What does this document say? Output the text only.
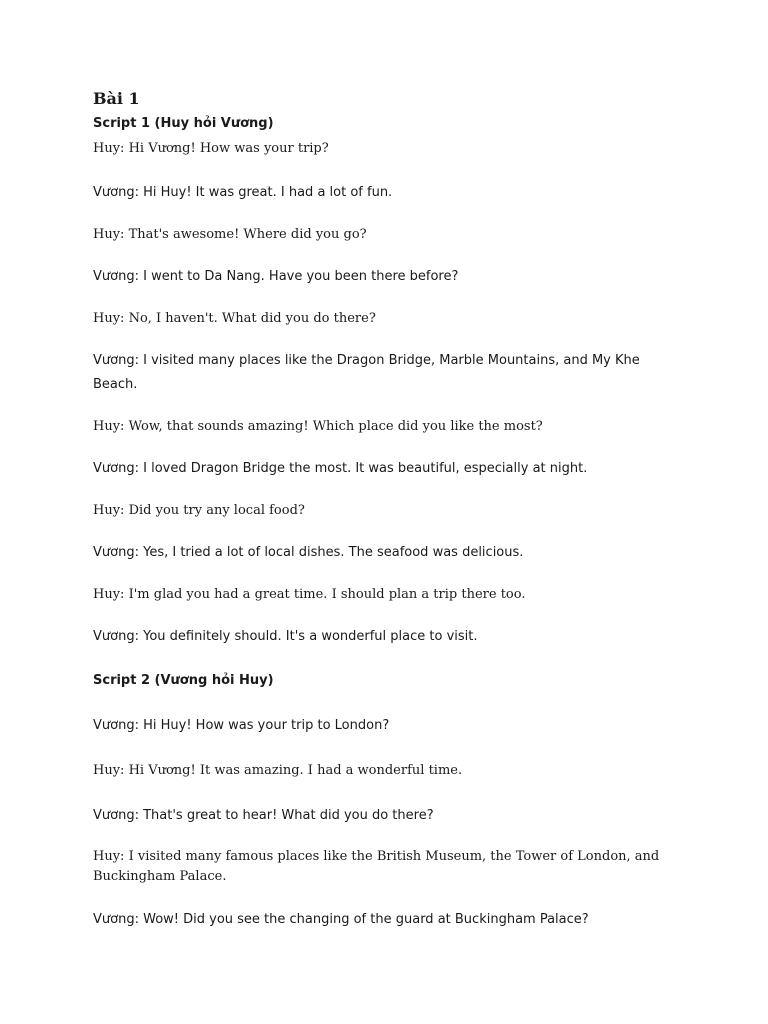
Bài 1
Script 1 (Huy hỏi Vương)

Huy: Hi Vương! How was your trip?

Vương: Hi Huy! It was great. I had a lot of fun.

Huy: That's awesome! Where did you go?

Vương: I went to Da Nang. Have you been there before?

Huy: No, I haven't. What did you do there?

Vương: I visited many places like the Dragon Bridge, Marble Mountains, and My Khe Beach.

Huy: Wow, that sounds amazing! Which place did you like the most?

Vương: I loved Dragon Bridge the most. It was beautiful, especially at night.

Huy: Did you try any local food?

Vương: Yes, I tried a lot of local dishes. The seafood was delicious.

Huy: I'm glad you had a great time. I should plan a trip there too.

Vương: You definitely should. It's a wonderful place to visit.

Script 2 (Vương hỏi Huy)

Vương: Hi Huy! How was your trip to London?

Huy: Hi Vương! It was amazing. I had a wonderful time.

Vương: That's great to hear! What did you do there?

Huy: I visited many famous places like the British Museum, the Tower of London, and Buckingham Palace.

Vương: Wow! Did you see the changing of the guard at Buckingham Palace?
